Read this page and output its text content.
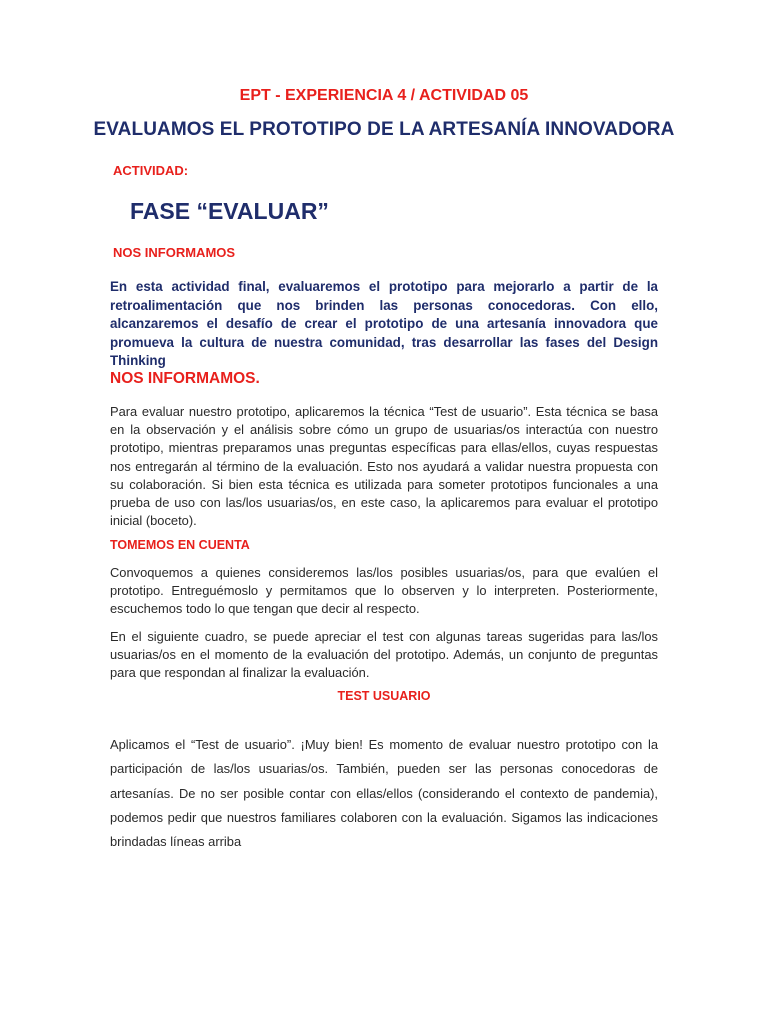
EPT - EXPERIENCIA 4 / ACTIVIDAD 05

EVALUAMOS EL PROTOTIPO DE LA ARTESANÍA INNOVADORA

ACTIVIDAD:

FASE “EVALUAR”

NOS INFORMAMOS

En esta actividad final, evaluaremos el prototipo para mejorarlo a partir de la retroalimentación que nos brinden las personas conocedoras. Con ello, alcanzaremos el desafío de crear el prototipo de una artesanía innovadora que promueva la cultura de nuestra comunidad, tras desarrollar las fases del Design Thinking

NOS INFORMAMOS.

Para evaluar nuestro prototipo, aplicaremos la técnica “Test de usuario”. Esta técnica se basa en la observación y el análisis sobre cómo un grupo de usuarias/os interactúa con nuestro prototipo, mientras preparamos unas preguntas específicas para ellas/ellos, cuyas respuestas nos entregarán al término de la evaluación. Esto nos ayudará a validar nuestra propuesta con su colaboración. Si bien esta técnica es utilizada para someter prototipos funcionales a una prueba de uso con las/los usuarias/os, en este caso, la aplicaremos para evaluar el prototipo inicial (boceto).

TOMEMOS EN CUENTA

Convoquemos a quienes consideremos las/los posibles usuarias/os, para que evalúen el prototipo. Entreguémoslo y permitamos que lo observen y lo interpreten. Posteriormente, escuchemos todo lo que tengan que decir al respecto.

En el siguiente cuadro, se puede apreciar el test con algunas tareas sugeridas para las/los usuarias/os en el momento de la evaluación del prototipo. Además, un conjunto de preguntas para que respondan al finalizar la evaluación.

TEST USUARIO

Aplicamos el “Test de usuario”. ¡Muy bien! Es momento de evaluar nuestro prototipo con la participación de las/los usuarias/os. También, pueden ser las personas conocedoras de artesanías. De no ser posible contar con ellas/ellos (considerando el contexto de pandemia), podemos pedir que nuestros familiares colaboren con la evaluación. Sigamos las indicaciones brindadas líneas arriba
